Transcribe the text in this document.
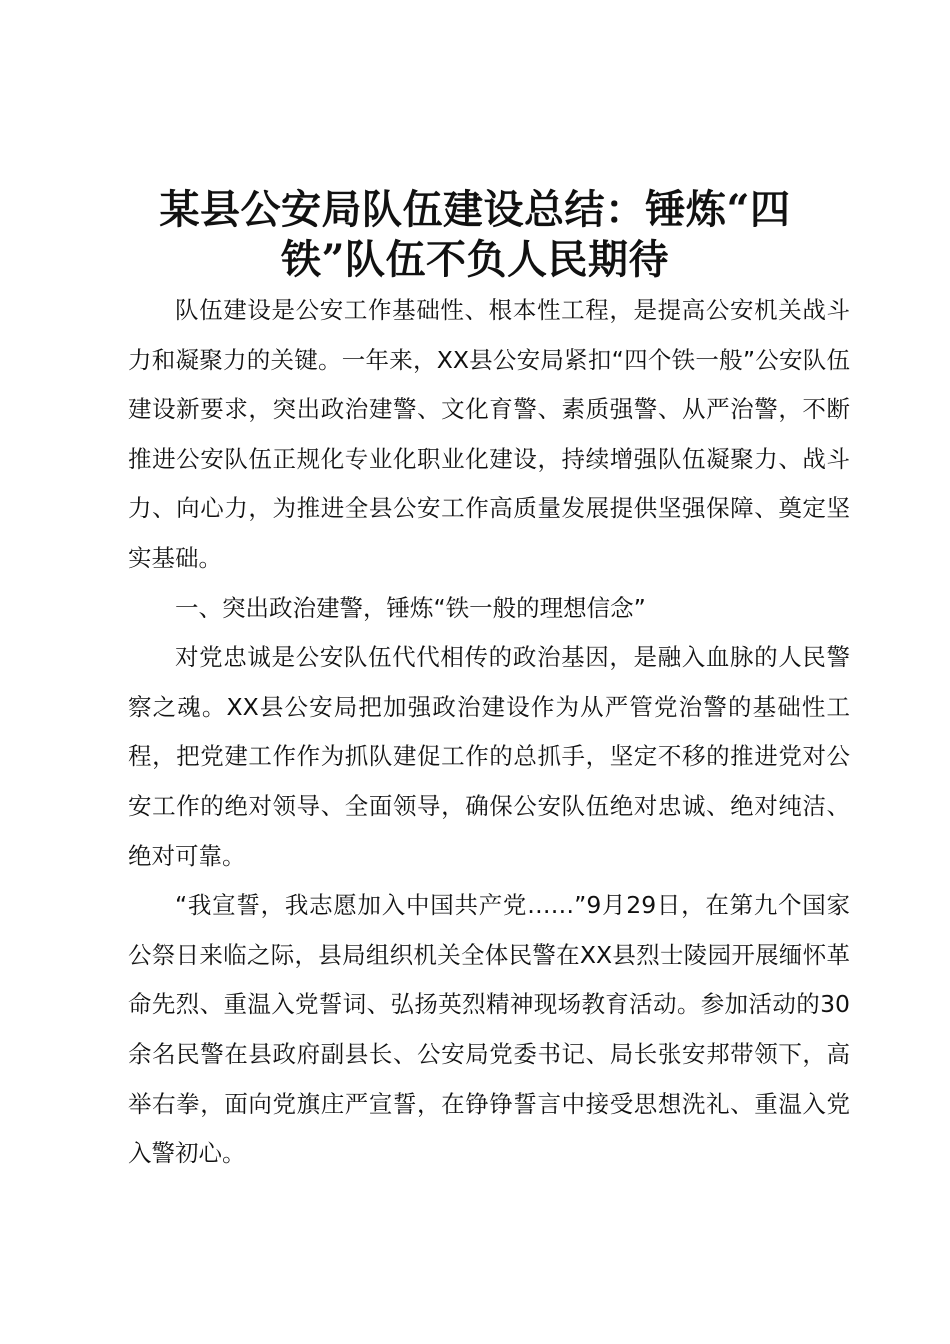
某县公安局队伍建设总结：锤炼“四铁”队伍不负人民期待

队伍建设是公安工作基础性、根本性工程，是提高公安机关战斗力和凝聚力的关键。一年来，XX县公安局紧扣“四个铁一般”公安队伍建设新要求，突出政治建警、文化育警、素质强警、从严治警，不断推进公安队伍正规化专业化职业化建设，持续增强队伍凝聚力、战斗力、向心力，为推进全县公安工作高质量发展提供坚强保障、奠定坚实基础。

一、突出政治建警，锤炼“铁一般的理想信念”

对党忠诚是公安队伍代代相传的政治基因，是融入血脉的人民警察之魂。XX县公安局把加强政治建设作为从严管党治警的基础性工程，把党建工作作为抓队建促工作的总抓手，坚定不移的推进党对公安工作的绝对领导、全面领导，确保公安队伍绝对忠诚、绝对纯洁、绝对可靠。

“我宣誓，我志愿加入中国共产党……”9月29日，在第九个国家公祭日来临之际，县局组织机关全体民警在XX县烈士陵园开展缅怀革命先烈、重温入党誓词、弘扬英烈精神现场教育活动。参加活动的30余名民警在县政府副县长、公安局党委书记、局长张安邦带领下，高举右拳，面向党旗庄严宣誓，在铮铮誓言中接受思想洗礼、重温入党入警初心。
